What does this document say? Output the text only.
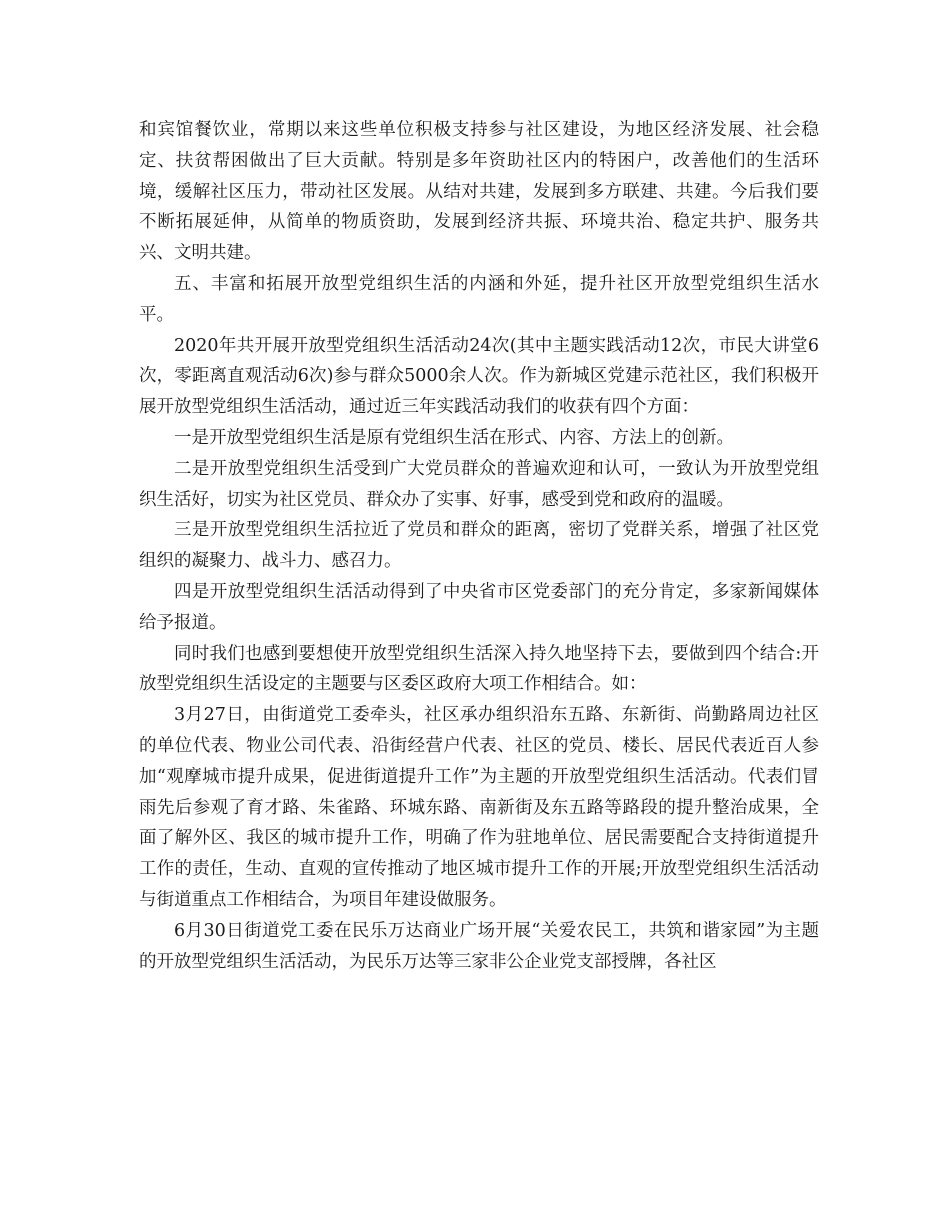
和宾馆餐饮业，常期以来这些单位积极支持参与社区建设，为地区经济发展、社会稳定、扶贫帮困做出了巨大贡献。特别是多年资助社区内的特困户，改善他们的生活环境，缓解社区压力，带动社区发展。从结对共建，发展到多方联建、共建。今后我们要不断拓展延伸，从简单的物质资助，发展到经济共振、环境共治、稳定共护、服务共兴、文明共建。

五、丰富和拓展开放型党组织生活的内涵和外延，提升社区开放型党组织生活水平。

2020年共开展开放型党组织生活活动24次(其中主题实践活动12次，市民大讲堂6次，零距离直观活动6次)参与群众5000余人次。作为新城区党建示范社区，我们积极开展开放型党组织生活活动，通过近三年实践活动我们的收获有四个方面：

一是开放型党组织生活是原有党组织生活在形式、内容、方法上的创新。

二是开放型党组织生活受到广大党员群众的普遍欢迎和认可，一致认为开放型党组织生活好，切实为社区党员、群众办了实事、好事，感受到党和政府的温暖。

三是开放型党组织生活拉近了党员和群众的距离，密切了党群关系，增强了社区党组织的凝聚力、战斗力、感召力。

四是开放型党组织生活活动得到了中央省市区党委部门的充分肯定，多家新闻媒体给予报道。

同时我们也感到要想使开放型党组织生活深入持久地坚持下去，要做到四个结合:开放型党组织生活设定的主题要与区委区政府大项工作相结合。如：

3月27日，由街道党工委牵头，社区承办组织沿东五路、东新街、尚勤路周边社区的单位代表、物业公司代表、沿街经营户代表、社区的党员、楼长、居民代表近百人参加“观摩城市提升成果，促进街道提升工作”为主题的开放型党组织生活活动。代表们冒雨先后参观了育才路、朱雀路、环城东路、南新街及东五路等路段的提升整治成果，全面了解外区、我区的城市提升工作，明确了作为驻地单位、居民需要配合支持街道提升工作的责任，生动、直观的宣传推动了地区城市提升工作的开展;开放型党组织生活活动与街道重点工作相结合，为项目年建设做服务。

6月30日街道党工委在民乐万达商业广场开展“关爱农民工，共筑和谐家园”为主题的开放型党组织生活活动，为民乐万达等三家非公企业党支部授牌，各社区
